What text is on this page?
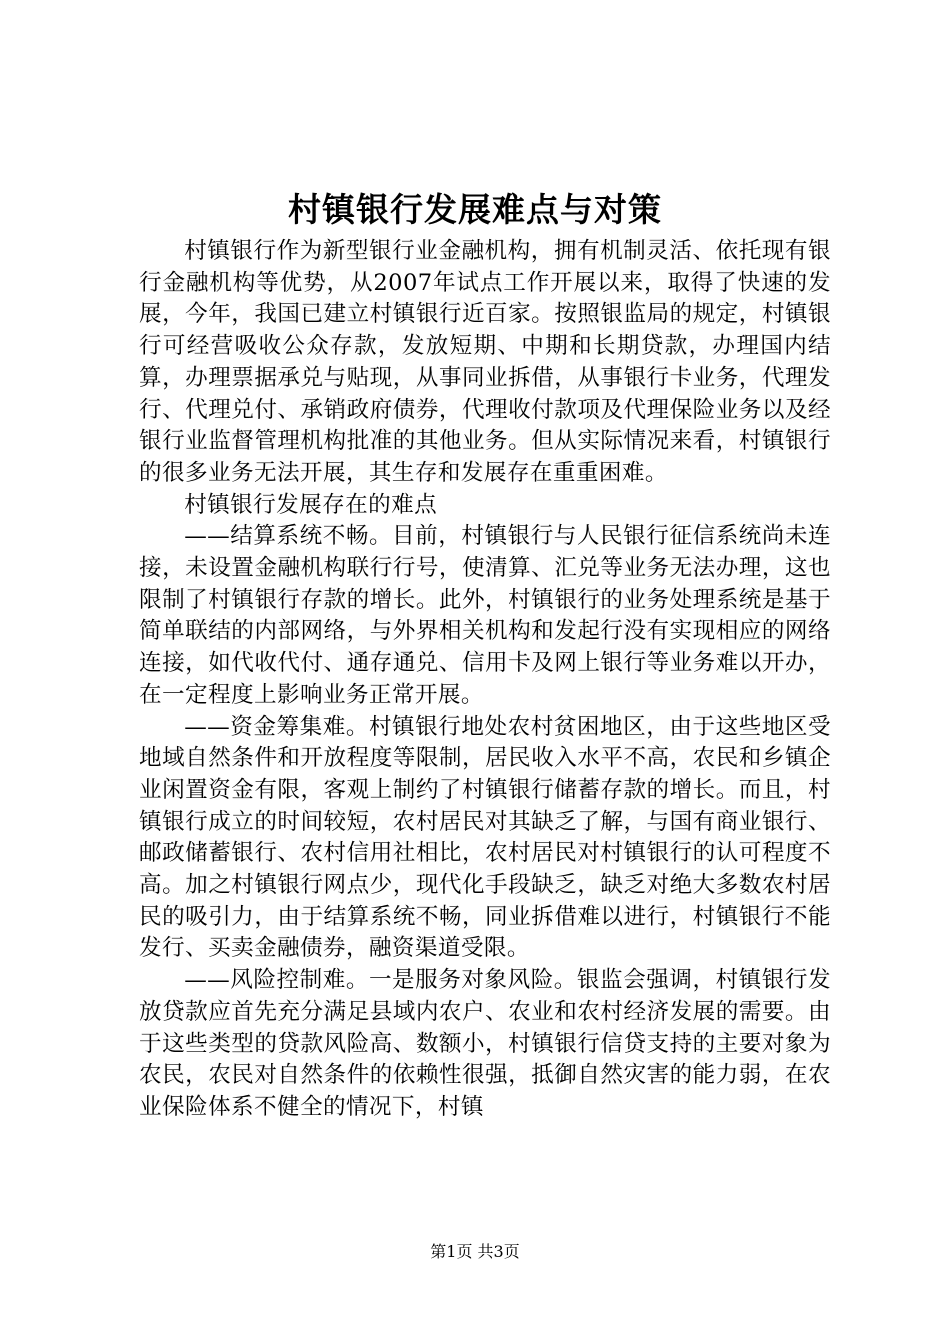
村镇银行发展难点与对策

村镇银行作为新型银行业金融机构，拥有机制灵活、依托现有银行金融机构等优势，从2007年试点工作开展以来，取得了快速的发展，今年，我国已建立村镇银行近百家。按照银监局的规定，村镇银行可经营吸收公众存款，发放短期、中期和长期贷款，办理国内结算，办理票据承兑与贴现，从事同业拆借，从事银行卡业务，代理发行、代理兑付、承销政府债券，代理收付款项及代理保险业务以及经银行业监督管理机构批准的其他业务。但从实际情况来看，村镇银行的很多业务无法开展，其生存和发展存在重重困难。

村镇银行发展存在的难点

——结算系统不畅。目前，村镇银行与人民银行征信系统尚未连接，未设置金融机构联行行号，使清算、汇兑等业务无法办理，这也限制了村镇银行存款的增长。此外，村镇银行的业务处理系统是基于简单联结的内部网络，与外界相关机构和发起行没有实现相应的网络连接，如代收代付、通存通兑、信用卡及网上银行等业务难以开办，在一定程度上影响业务正常开展。

——资金筹集难。村镇银行地处农村贫困地区，由于这些地区受地域自然条件和开放程度等限制，居民收入水平不高，农民和乡镇企业闲置资金有限，客观上制约了村镇银行储蓄存款的增长。而且，村镇银行成立的时间较短，农村居民对其缺乏了解，与国有商业银行、邮政储蓄银行、农村信用社相比，农村居民对村镇银行的认可程度不高。加之村镇银行网点少，现代化手段缺乏，缺乏对绝大多数农村居民的吸引力，由于结算系统不畅，同业拆借难以进行，村镇银行不能发行、买卖金融债券，融资渠道受限。

——风险控制难。一是服务对象风险。银监会强调，村镇银行发放贷款应首先充分满足县域内农户、农业和农村经济发展的需要。由于这些类型的贷款风险高、数额小，村镇银行信贷支持的主要对象为农民，农民对自然条件的依赖性很强，抵御自然灾害的能力弱，在农业保险体系不健全的情况下，村镇

第1页 共3页
